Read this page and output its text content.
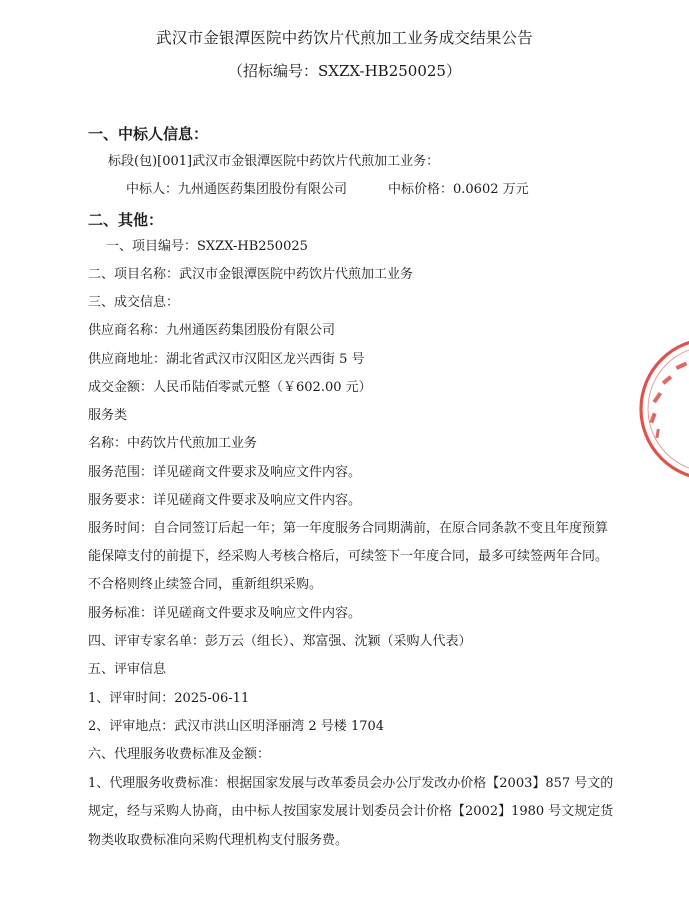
武汉市金银潭医院中药饮片代煎加工业务成交结果公告
（招标编号：SXZX-HB250025）
一、中标人信息：
标段(包)[001]武汉市金银潭医院中药饮片代煎加工业务：
中标人：九州通医药集团股份有限公司	中标价格：0.0602 万元
二、其他：
一、项目编号：SXZX-HB250025
二、项目名称：武汉市金银潭医院中药饮片代煎加工业务
三、成交信息：
供应商名称：九州通医药集团股份有限公司
供应商地址：湖北省武汉市汉阳区龙兴西街 5 号
成交金额：人民币陆佰零贰元整（￥602.00 元）
服务类
名称：中药饮片代煎加工业务
服务范围：详见磋商文件要求及响应文件内容。
服务要求：详见磋商文件要求及响应文件内容。
服务时间：自合同签订后起一年；第一年度服务合同期满前，在原合同条款不变且年度预算
能保障支付的前提下，经采购人考核合格后，可续签下一年度合同，最多可续签两年合同。
不合格则终止续签合同，重新组织采购。
服务标准：详见磋商文件要求及响应文件内容。
四、评审专家名单：彭万云（组长）、郑富强、沈颖（采购人代表）
五、评审信息
1、评审时间：2025-06-11
2、评审地点：武汉市洪山区明泽丽湾 2 号楼 1704
六、代理服务收费标准及金额：
1、代理服务收费标准：根据国家发展与改革委员会办公厅发改办价格【2003】857 号文的
规定，经与采购人协商，由中标人按国家发展计划委员会计价格【2002】1980 号文规定货
物类收取费标准向采购代理机构支付服务费。
